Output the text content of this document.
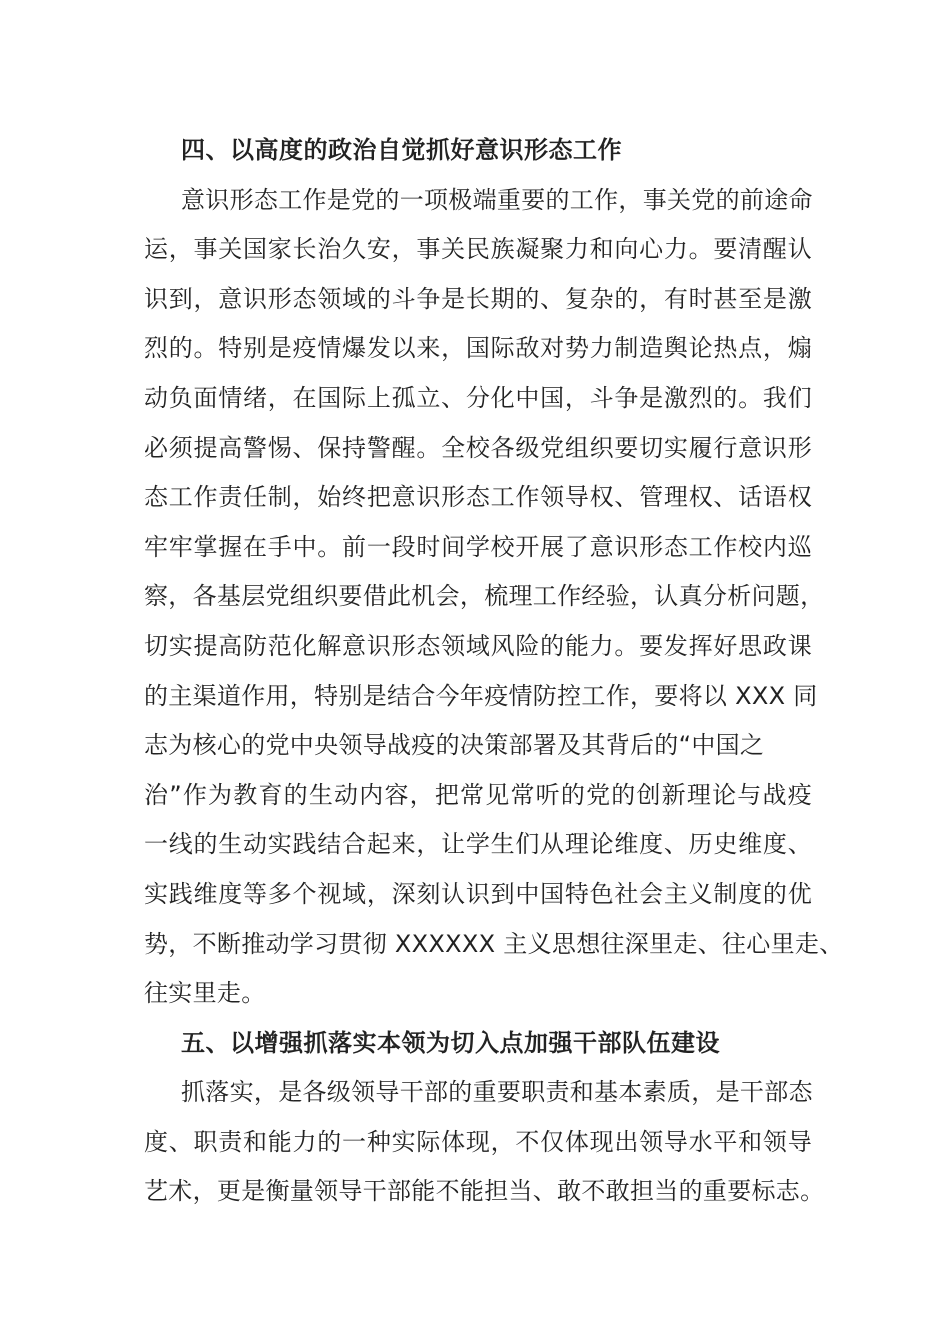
四、以高度的政治自觉抓好意识形态工作
意识形态工作是党的一项极端重要的工作，事关党的前途命
运，事关国家长治久安，事关民族凝聚力和向心力。要清醒认
识到，意识形态领域的斗争是长期的、复杂的，有时甚至是激
烈的。特别是疫情爆发以来，国际敌对势力制造舆论热点，煽
动负面情绪，在国际上孤立、分化中国，斗争是激烈的。我们
必须提高警惕、保持警醒。全校各级党组织要切实履行意识形
态工作责任制，始终把意识形态工作领导权、管理权、话语权
牢牢掌握在手中。前一段时间学校开展了意识形态工作校内巡
察，各基层党组织要借此机会，梳理工作经验，认真分析问题，
切实提高防范化解意识形态领域风险的能力。要发挥好思政课
的主渠道作用，特别是结合今年疫情防控工作，要将以 XXX 同
志为核心的党中央领导战疫的决策部署及其背后的“中国之
治”作为教育的生动内容，把常见常听的党的创新理论与战疫
一线的生动实践结合起来，让学生们从理论维度、历史维度、
实践维度等多个视域，深刻认识到中国特色社会主义制度的优
势，不断推动学习贯彻 XXXXXX 主义思想往深里走、往心里走、
往实里走。
五、以增强抓落实本领为切入点加强干部队伍建设
抓落实，是各级领导干部的重要职责和基本素质，是干部态
度、职责和能力的一种实际体现，不仅体现出领导水平和领导
艺术，更是衡量领导干部能不能担当、敢不敢担当的重要标志。
